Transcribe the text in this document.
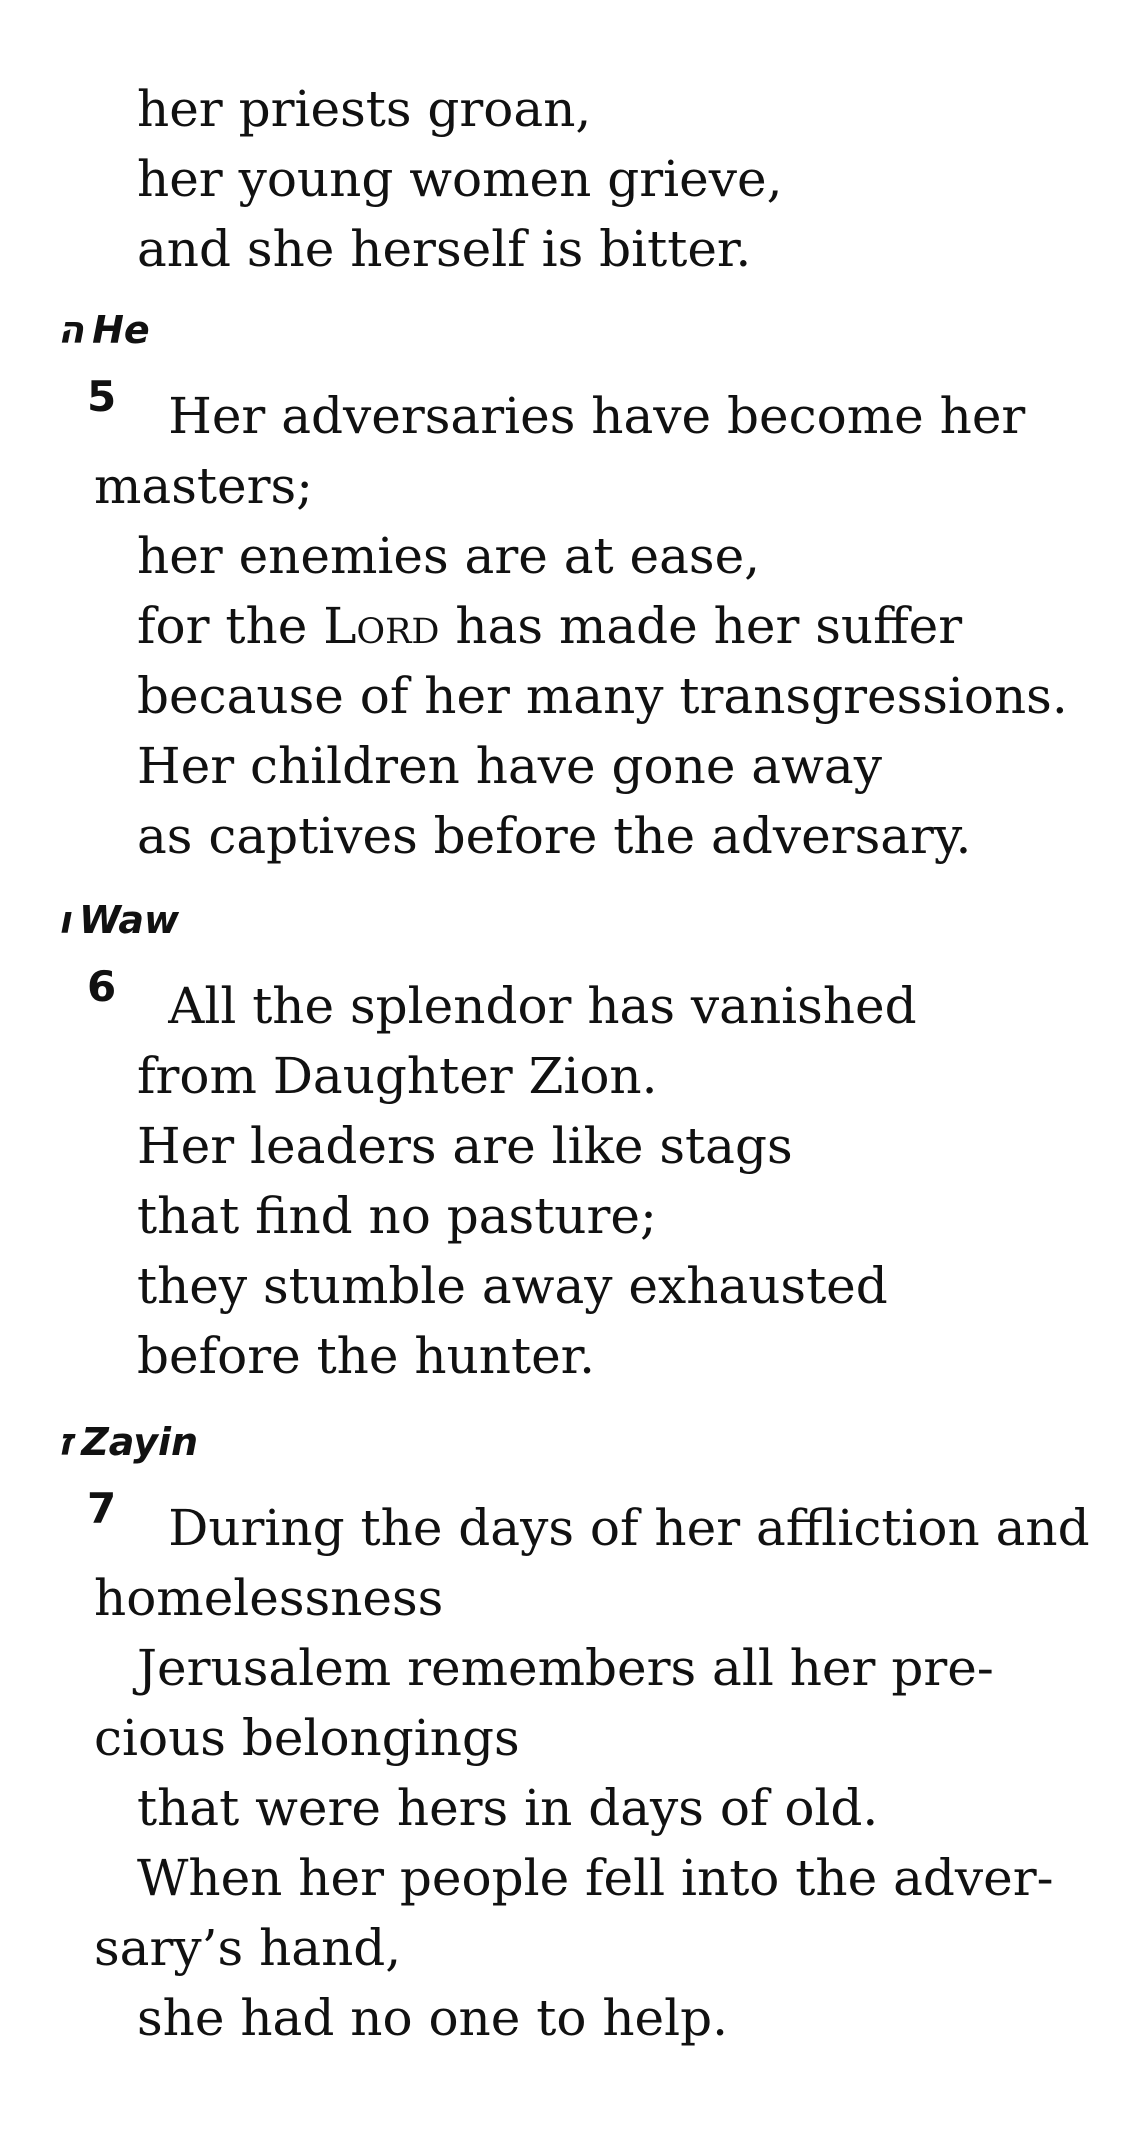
her priests groan,
her young women grieve,
and she herself is bitter.
ה He
$^5$ Her adversaries have become her
masters;
her enemies are at ease,
for the Lord has made her suffer
because of her many transgressions.
Her children have gone away
as captives before the adversary.
ו Waw
$^6$ All the splendor has vanished
from Daughter Zion.
Her leaders are like stags
that find no pasture;
they stumble away exhausted
before the hunter.
ז Zayin
$^7$ During the days of her affliction and
homelessness
Jerusalem remembers all her pre-
cious belongings
that were hers in days of old.
When her people fell into the adver-
sary’s hand,
she had no one to help.
